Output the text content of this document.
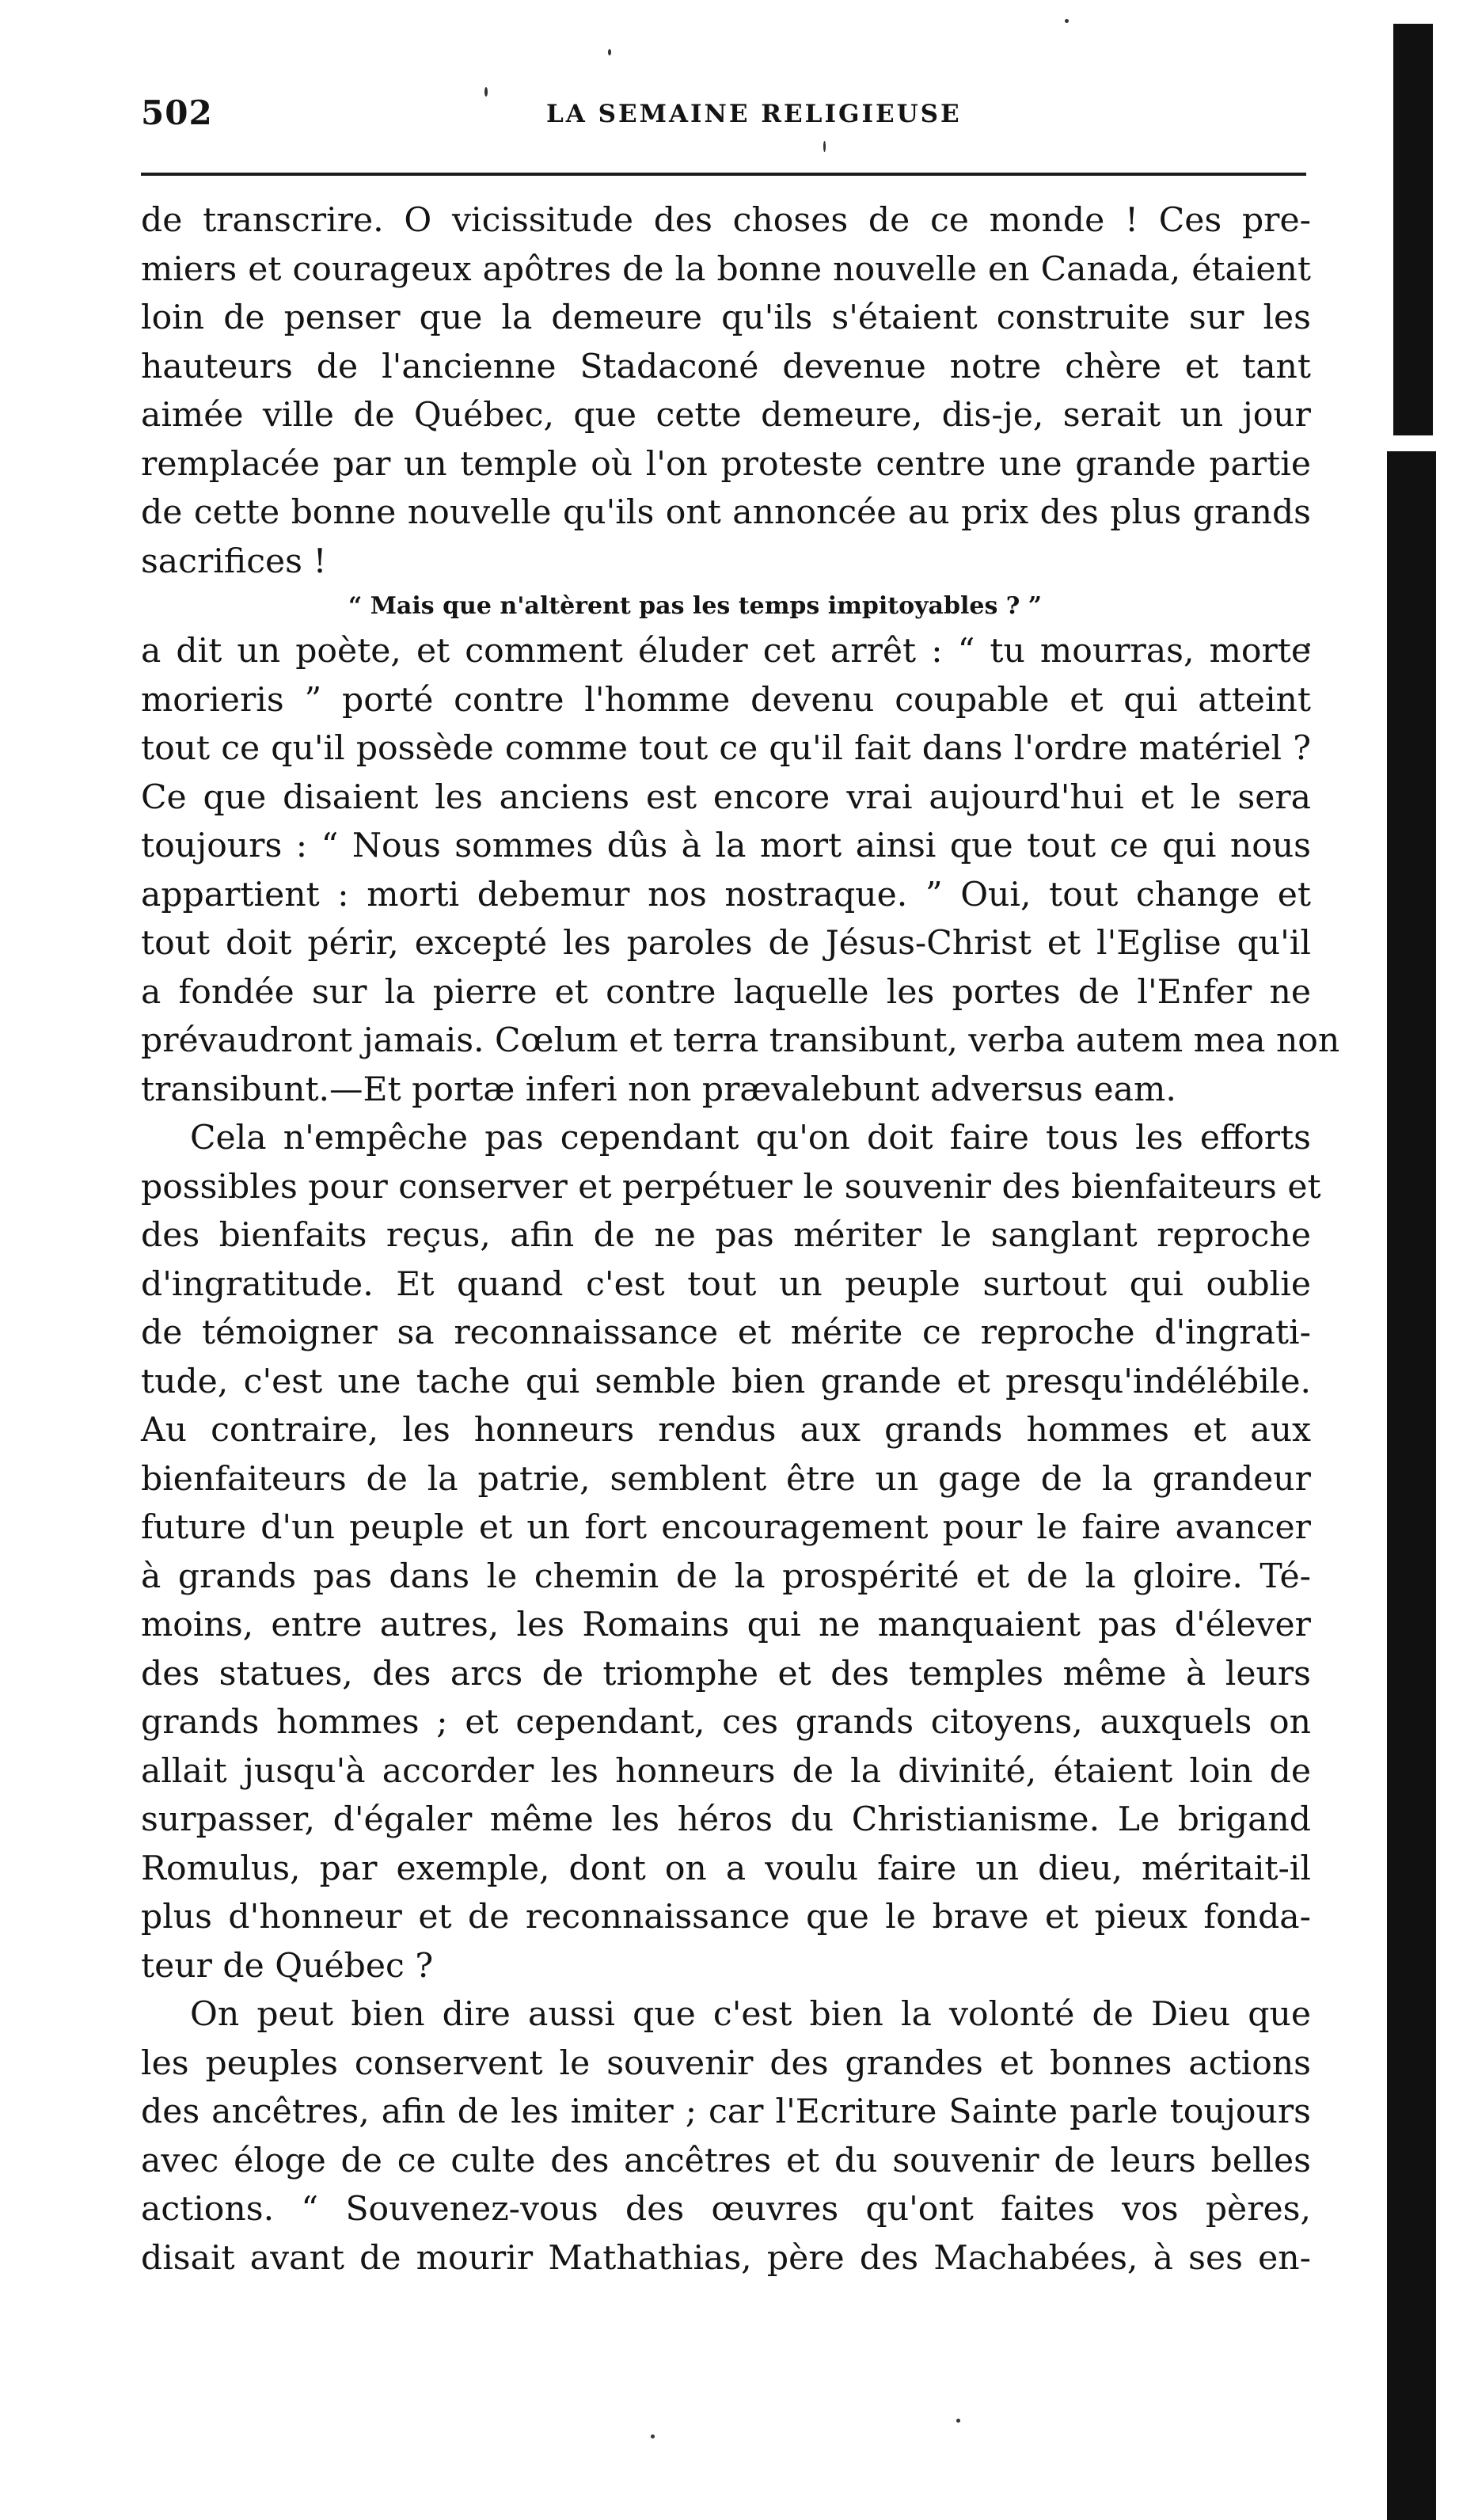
502	LA SEMAINE RELIGIEUSE
de transcrire. O vicissitude des choses de ce monde ! Ces pre-
miers et courageux apôtres de la bonne nouvelle en Canada, étaient
loin de penser que la demeure qu'ils s'étaient construite sur les
hauteurs de l'ancienne Stadaconé devenue notre chère et tant
aimée ville de Québec, que cette demeure, dis-je, serait un jour
remplacée par un temple où l'on proteste centre une grande partie
de cette bonne nouvelle qu'ils ont annoncée au prix des plus grands
sacrifices !
“ Mais que n'altèrent pas les temps impitoyables ? ”
a dit un poète, et comment éluder cet arrêt : “ tu mourras, morte
morieris ” porté contre l'homme devenu coupable et qui atteint
tout ce qu'il possède comme tout ce qu'il fait dans l'ordre matériel ?
Ce que disaient les anciens est encore vrai aujourd'hui et le sera
toujours : “ Nous sommes dûs à la mort ainsi que tout ce qui nous
appartient : morti debemur nos nostraque. ” Oui, tout change et
tout doit périr, excepté les paroles de Jésus-Christ et l'Eglise qu'il
a fondée sur la pierre et contre laquelle les portes de l'Enfer ne
prévaudront jamais. Cœlum et terra transibunt, verba autem mea non
transibunt.—Et portæ inferi non prævalebunt adversus eam.
Cela n'empêche pas cependant qu'on doit faire tous les efforts
possibles pour conserver et perpétuer le souvenir des bienfaiteurs et
des bienfaits reçus, afin de ne pas mériter le sanglant reproche
d'ingratitude. Et quand c'est tout un peuple surtout qui oublie
de témoigner sa reconnaissance et mérite ce reproche d'ingrati-
tude, c'est une tache qui semble bien grande et presqu'indélébile.
Au contraire, les honneurs rendus aux grands hommes et aux
bienfaiteurs de la patrie, semblent être un gage de la grandeur
future d'un peuple et un fort encouragement pour le faire avancer
à grands pas dans le chemin de la prospérité et de la gloire. Té-
moins, entre autres, les Romains qui ne manquaient pas d'élever
des statues, des arcs de triomphe et des temples même à leurs
grands hommes ; et cependant, ces grands citoyens, auxquels on
allait jusqu'à accorder les honneurs de la divinité, étaient loin de
surpasser, d'égaler même les héros du Christianisme. Le brigand
Romulus, par exemple, dont on a voulu faire un dieu, méritait-il
plus d'honneur et de reconnaissance que le brave et pieux fonda-
teur de Québec ?
On peut bien dire aussi que c'est bien la volonté de Dieu que
les peuples conservent le souvenir des grandes et bonnes actions
des ancêtres, afin de les imiter ; car l'Ecriture Sainte parle toujours
avec éloge de ce culte des ancêtres et du souvenir de leurs belles
actions. “ Souvenez-vous des œuvres qu'ont faites vos pères,
disait avant de mourir Mathathias, père des Machabées, à ses en-
